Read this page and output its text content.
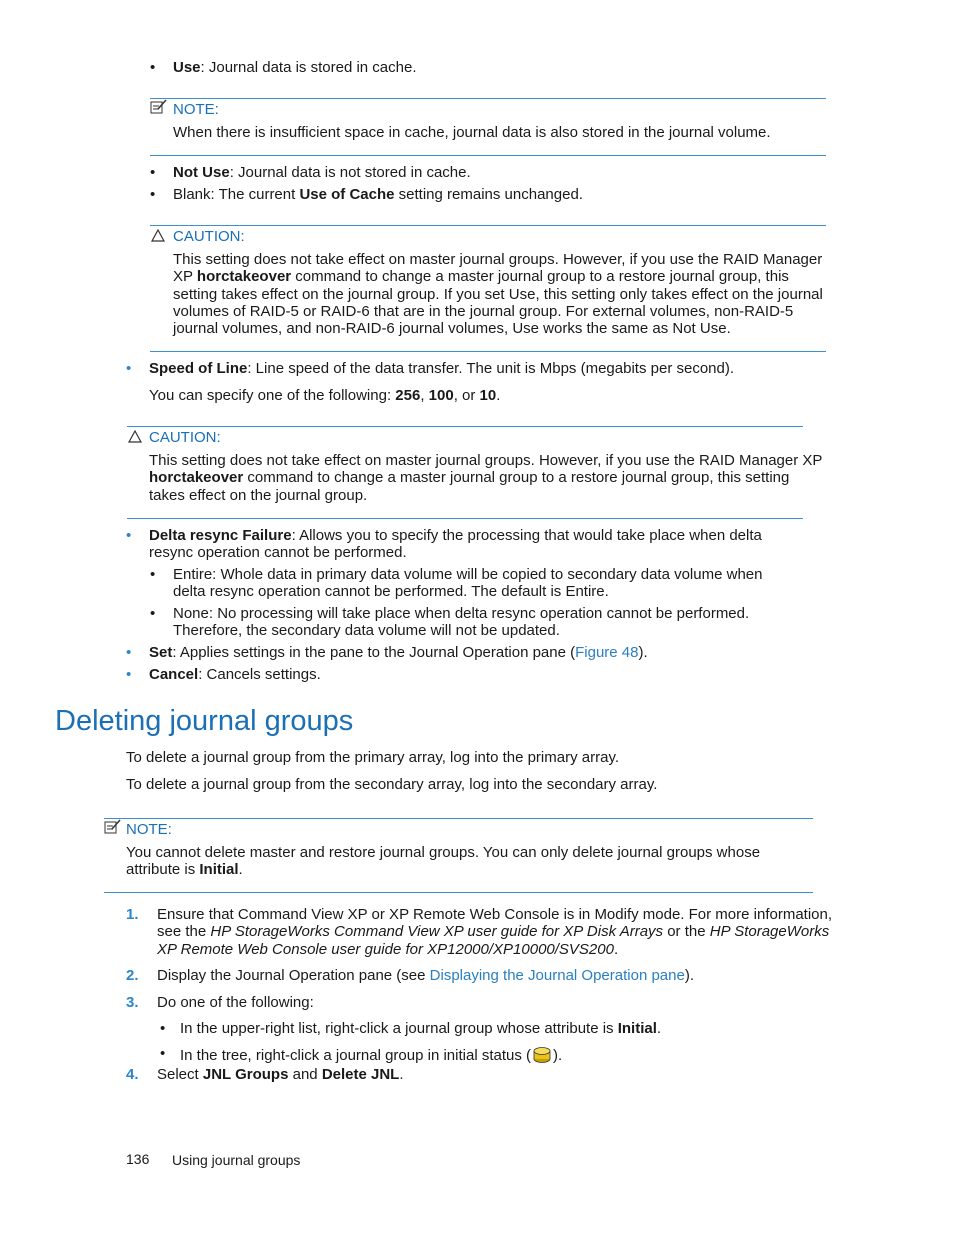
• Use: Journal data is stored in cache.
NOTE:
When there is insufficient space in cache, journal data is also stored in the journal volume.
• Not Use: Journal data is not stored in cache.
• Blank: The current Use of Cache setting remains unchanged.
CAUTION:
This setting does not take effect on master journal groups. However, if you use the RAID Manager
XP horctakeover command to change a master journal group to a restore journal group, this
setting takes effect on the journal group. If you set Use, this setting only takes effect on the journal
volumes of RAID-5 or RAID-6 that are in the journal group. For external volumes, non-RAID-5
journal volumes, and non-RAID-6 journal volumes, Use works the same as Not Use.
• Speed of Line: Line speed of the data transfer. The unit is Mbps (megabits per second).
You can specify one of the following: 256, 100, or 10.
CAUTION:
This setting does not take effect on master journal groups. However, if you use the RAID Manager XP
horctakeover command to change a master journal group to a restore journal group, this setting
takes effect on the journal group.
• Delta resync Failure: Allows you to specify the processing that would take place when delta
resync operation cannot be performed.
• Entire: Whole data in primary data volume will be copied to secondary data volume when
delta resync operation cannot be performed. The default is Entire.
• None: No processing will take place when delta resync operation cannot be performed.
Therefore, the secondary data volume will not be updated.
• Set: Applies settings in the pane to the Journal Operation pane (Figure 48).
• Cancel: Cancels settings.
Deleting journal groups
To delete a journal group from the primary array, log into the primary array.
To delete a journal group from the secondary array, log into the secondary array.
NOTE:
You cannot delete master and restore journal groups. You can only delete journal groups whose
attribute is Initial.
1. Ensure that Command View XP or XP Remote Web Console is in Modify mode. For more information,
see the HP StorageWorks Command View XP user guide for XP Disk Arrays or the HP StorageWorks
XP Remote Web Console user guide for XP12000/XP10000/SVS200.
2. Display the Journal Operation pane (see Displaying the Journal Operation pane).
3. Do one of the following:
• In the upper-right list, right-click a journal group whose attribute is Initial.
• In the tree, right-click a journal group in initial status ( ).
4. Select JNL Groups and Delete JNL.
136 Using journal groups
